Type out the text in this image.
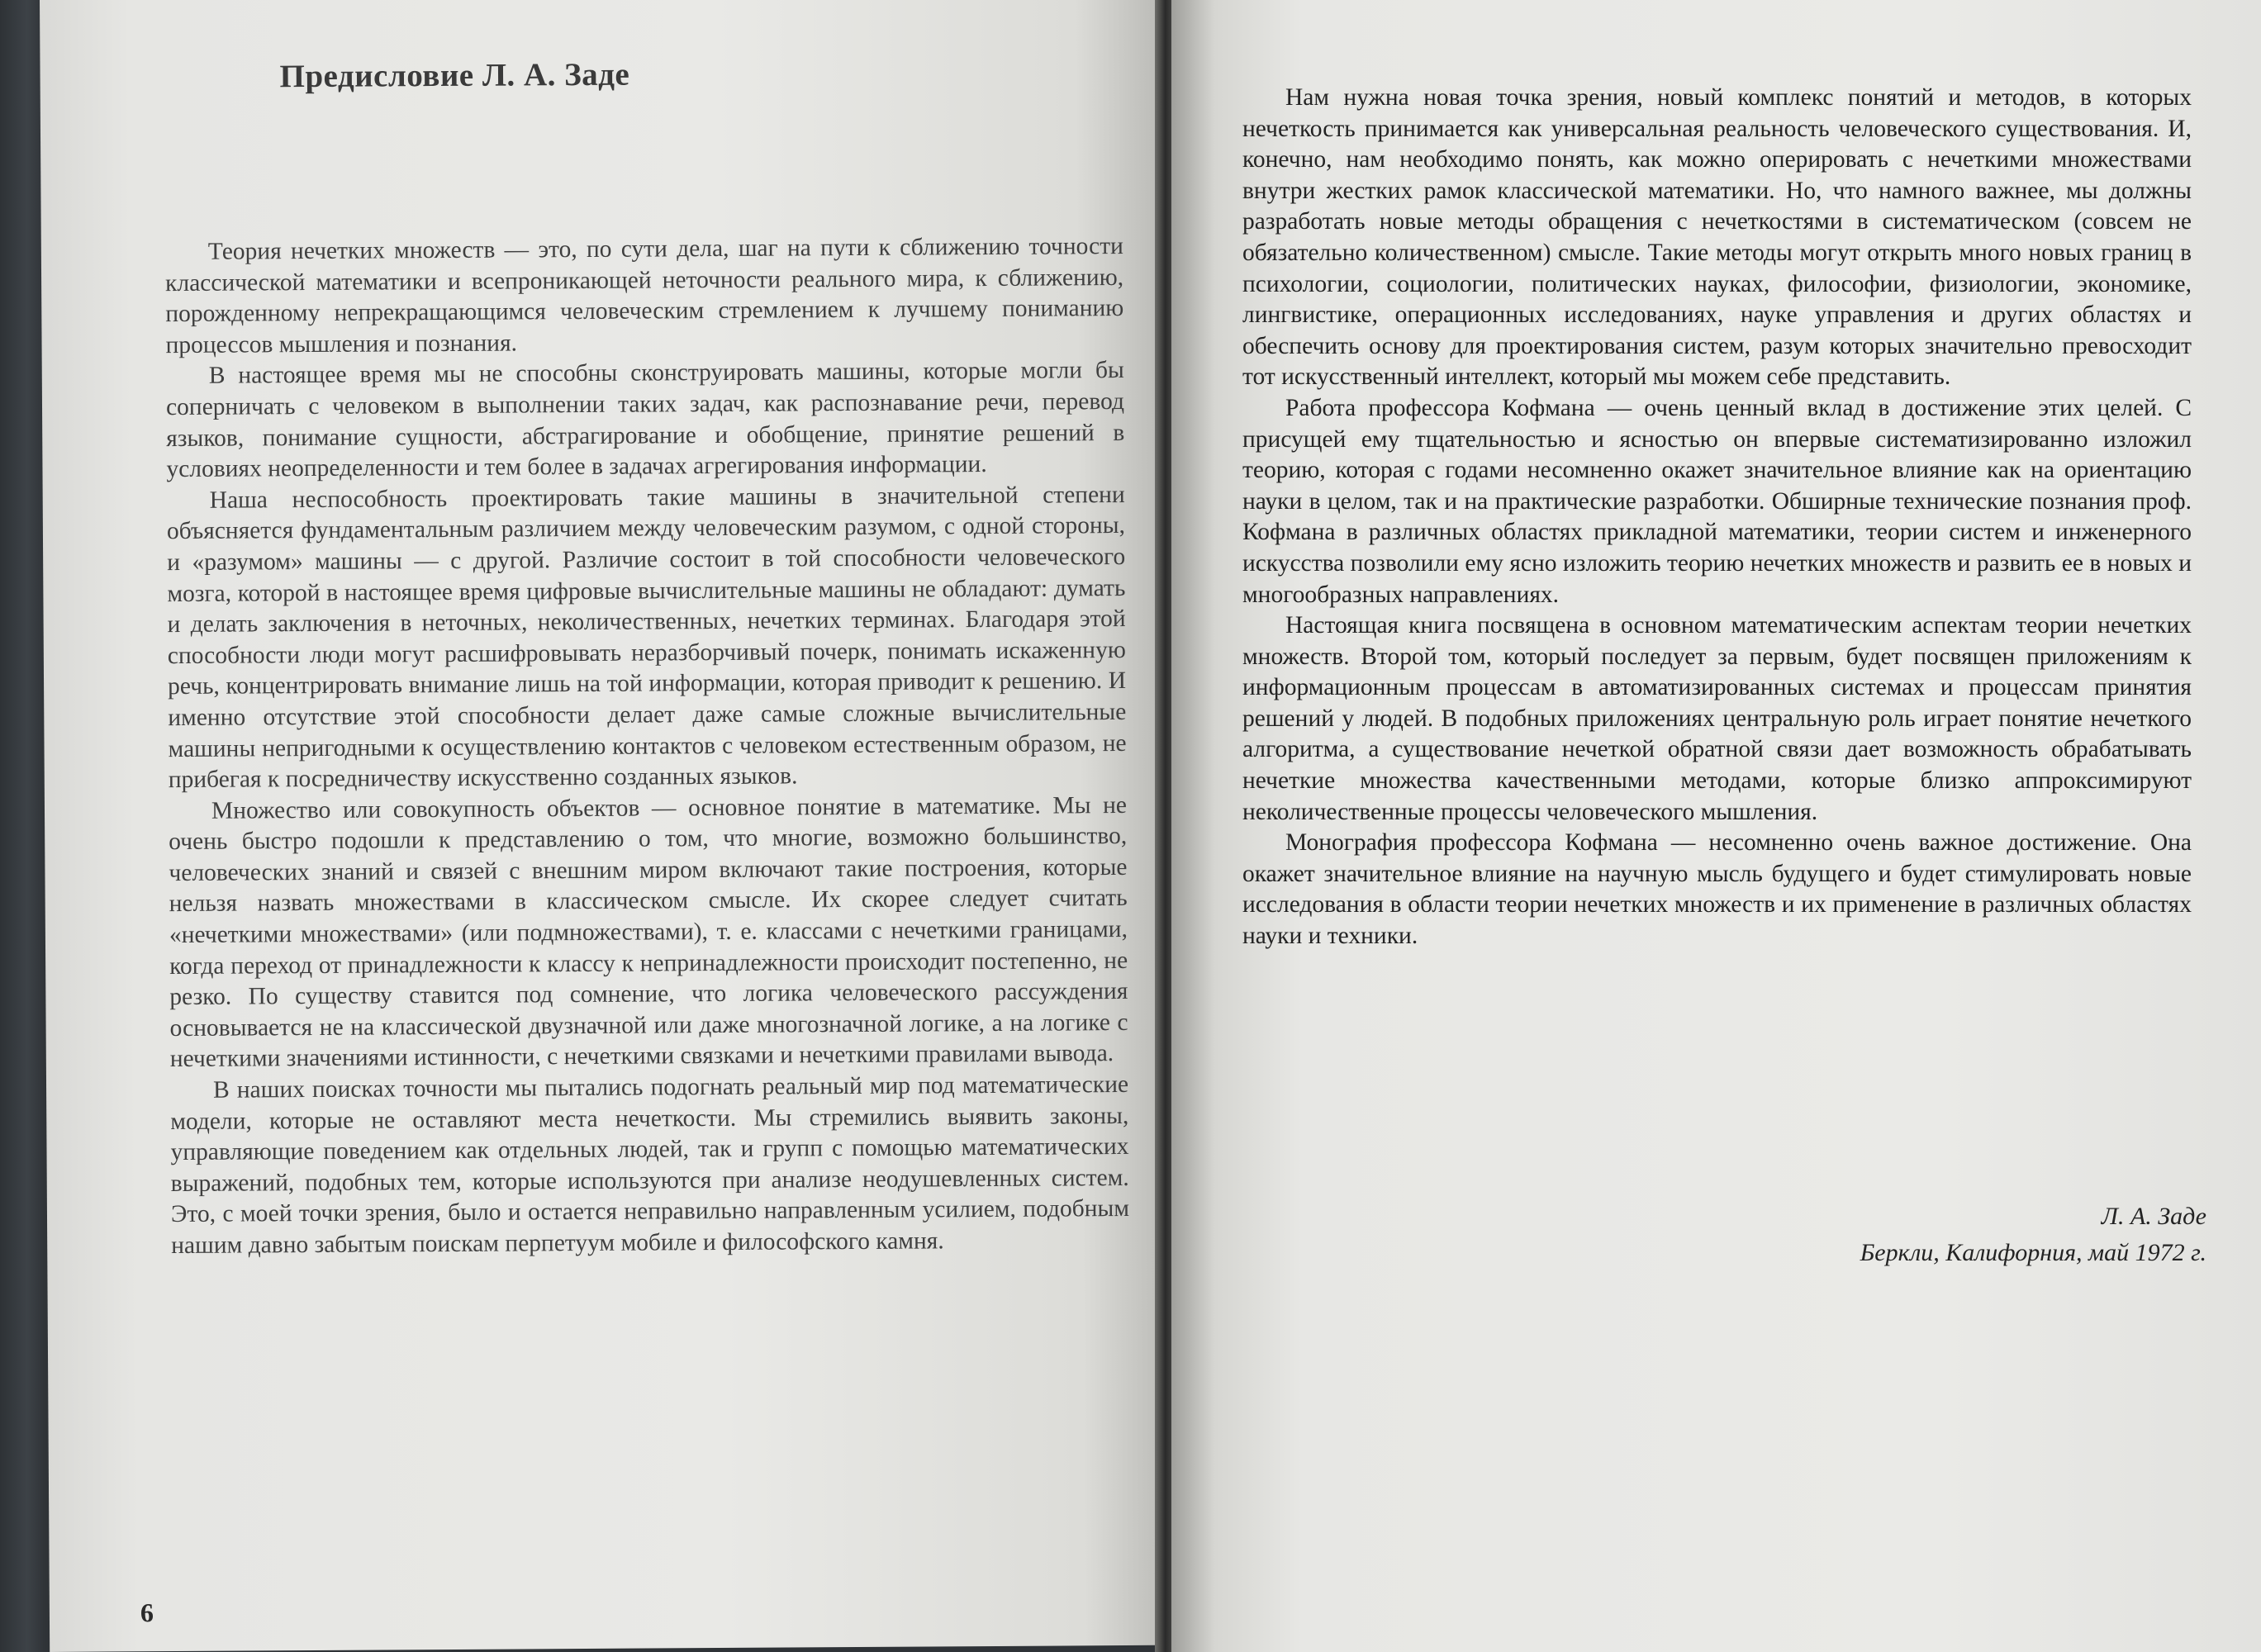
Предисловие Л. А. Заде

Теория нечетких множеств — это, по сути дела, шаг на пути к сближению точности классической математики и всепроникающей неточности реального мира, к сближению, порожденному непрекращающимся человеческим стремлением к лучшему пониманию процессов мышления и познания.

В настоящее время мы не способны сконструировать машины, которые могли бы соперничать с человеком в выполнении таких задач, как распознавание речи, перевод языков, понимание сущности, абстрагирование и обобщение, принятие решений в условиях неопределенности и тем более в задачах агрегирования информации.

Наша неспособность проектировать такие машины в значительной степени объясняется фундаментальным различием между человеческим разумом, с одной стороны, и «разумом» машины — с другой. Различие состоит в той способности человеческого мозга, которой в настоящее время цифровые вычислительные машины не обладают: думать и делать заключения в неточных, неколичественных, нечетких терминах. Благодаря этой способности люди могут расшифровывать неразборчивый почерк, понимать искаженную речь, концентрировать внимание лишь на той информации, которая приводит к решению. И именно отсутствие этой способности делает даже самые сложные вычислительные машины непригодными к осуществлению контактов с человеком естественным образом, не прибегая к посредничеству искусственно созданных языков.

Множество или совокупность объектов — основное понятие в математике. Мы не очень быстро подошли к представлению о том, что многие, возможно большинство, человеческих знаний и связей с внешним миром включают такие построения, которые нельзя назвать множествами в классическом смысле. Их скорее следует считать «нечеткими множествами» (или подмножествами), т. е. классами с нечеткими границами, когда переход от принадлежности к классу к непринадлежности происходит постепенно, не резко. По существу ставится под сомнение, что логика человеческого рассуждения основывается не на классической двузначной или даже многозначной логике, а на логике с нечеткими значениями истинности, с нечеткими связками и нечеткими правилами вывода.

В наших поисках точности мы пытались подогнать реальный мир под математические модели, которые не оставляют места нечеткости. Мы стремились выявить законы, управляющие поведением как отдельных людей, так и групп с помощью математических выражений, подобных тем, которые используются при анализе неодушевленных систем. Это, с моей точки зрения, было и остается неправильно направленным усилием, подобным нашим давно забытым поискам перпетуум мобиле и философского камня.

6

Нам нужна новая точка зрения, новый комплекс понятий и методов, в которых нечеткость принимается как универсальная реальность человеческого существования. И, конечно, нам необходимо понять, как можно оперировать с нечеткими множествами внутри жестких рамок классической математики. Но, что намного важнее, мы должны разработать новые методы обращения с нечеткостями в систематическом (совсем не обязательно количественном) смысле. Такие методы могут открыть много новых границ в психологии, социологии, политических науках, философии, физиологии, экономике, лингвистике, операционных исследованиях, науке управления и других областях и обеспечить основу для проектирования систем, разум которых значительно превосходит тот искусственный интеллект, который мы можем себе представить.

Работа профессора Кофмана — очень ценный вклад в достижение этих целей. С присущей ему тщательностью и ясностью он впервые систематизированно изложил теорию, которая с годами несомненно окажет значительное влияние как на ориентацию науки в целом, так и на практические разработки. Обширные технические познания проф. Кофмана в различных областях прикладной математики, теории систем и инженерного искусства позволили ему ясно изложить теорию нечетких множеств и развить ее в новых и многообразных направлениях.

Настоящая книга посвящена в основном математическим аспектам теории нечетких множеств. Второй том, который последует за первым, будет посвящен приложениям к информационным процессам в автоматизированных системах и процессам принятия решений у людей. В подобных приложениях центральную роль играет понятие нечеткого алгоритма, а существование нечеткой обратной связи дает возможность обрабатывать нечеткие множества качественными методами, которые близко аппроксимируют неколичественные процессы человеческого мышления.

Монография профессора Кофмана — несомненно очень важное достижение. Она окажет значительное влияние на научную мысль будущего и будет стимулировать новые исследования в области теории нечетких множеств и их применение в различных областях науки и техники.

Л. А. Заде
Беркли, Калифорния, май 1972 г.
